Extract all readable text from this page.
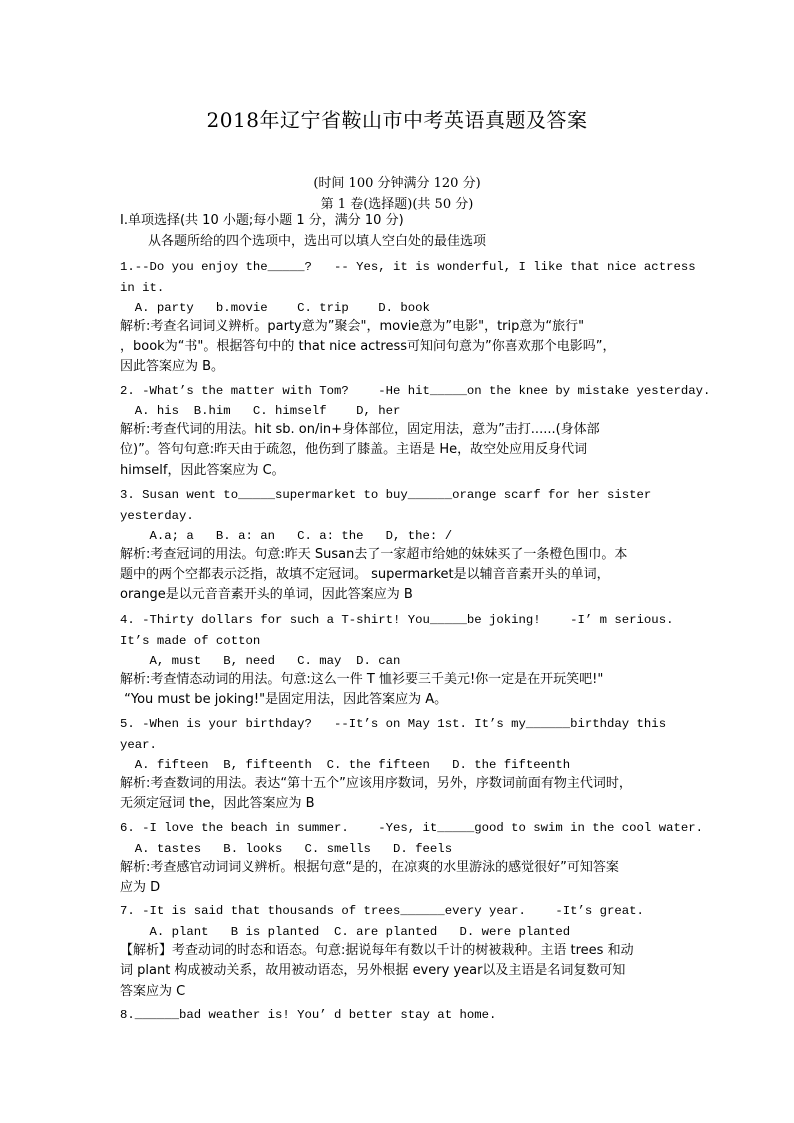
2018年辽宁省鞍山市中考英语真题及答案
(时间 100 分钟满分 120 分)
第 1 卷(选择题)(共 50 分)
I.单项选择(共 10 小题;每小题 1 分，满分 10 分)
从各题所给的四个选项中，选出可以填人空白处的最佳选项
1.--Do you enjoy the_____?   -- Yes, it is wonderful, I like that nice actress
in it.
A. party   b.movie    C. trip    D. book
解析:考查名词词义辨析。party意为”聚会"，movie意为”电影"，trip意为“旅行"
，book为“书"。根据答句中的 that nice actress可知问句意为”你喜欢那个电影吗”，
因此答案应为 B。
2. -What’s the matter with Tom?    -He hit_____on the knee by mistake yesterday.
A. his  B.him   C. himself    D, her
解析:考查代词的用法。hit sb. on/in+身体部位，固定用法，意为”击打......(身体部
位)”。答句句意:昨天由于疏忽，他伤到了膝盖。主语是 He，故空处应用反身代词
himself，因此答案应为 C。
3. Susan went to_____supermarket to buy______orange scarf for her sister
yesterday.
A.a; a   B. a: an   C. a: the   D, the: /
解析:考查冠词的用法。句意:昨天 Susan去了一家超市给她的妹妹买了一条橙色围巾。本
题中的两个空都表示泛指，故填不定冠词。 supermarket是以辅音音素开头的单词，
orange是以元音音素开头的单词，因此答案应为 B
4. -Thirty dollars for such a T-shirt! You_____be joking!    -I’ m serious.
It’s made of cotton
A, must   B, need   C. may  D. can
解析:考查情态动词的用法。句意:这么一件 T 恤衫要三千美元!你一定是在开玩笑吧!"
“You must be joking!"是固定用法，因此答案应为 A。
5. -When is your birthday?   --It’s on May 1st. It’s my______birthday this
year.
A. fifteen  B, fifteenth  C. the fifteen   D. the fifteenth
解析:考查数词的用法。表达“第十五个”应该用序数词，另外，序数词前面有物主代词时，
无须定冠词 the，因此答案应为 B
6. -I love the beach in summer.    -Yes, it_____good to swim in the cool water.
A. tastes   B. looks   C. smells   D. feels
解析:考查感官动词词义辨析。根据句意“是的，在凉爽的水里游泳的感觉很好”可知答案
应为 D
7. -It is said that thousands of trees______every year.    -It’s great.
A. plant   B is planted  C. are planted   D. were planted
【解析】考查动词的时态和语态。句意:据说每年有数以千计的树被栽种。主语 trees 和动
词 plant 构成被动关系，故用被动语态，另外根据 every year以及主语是名词复数可知
答案应为 C
8.______bad weather is! You’ d better stay at home.
